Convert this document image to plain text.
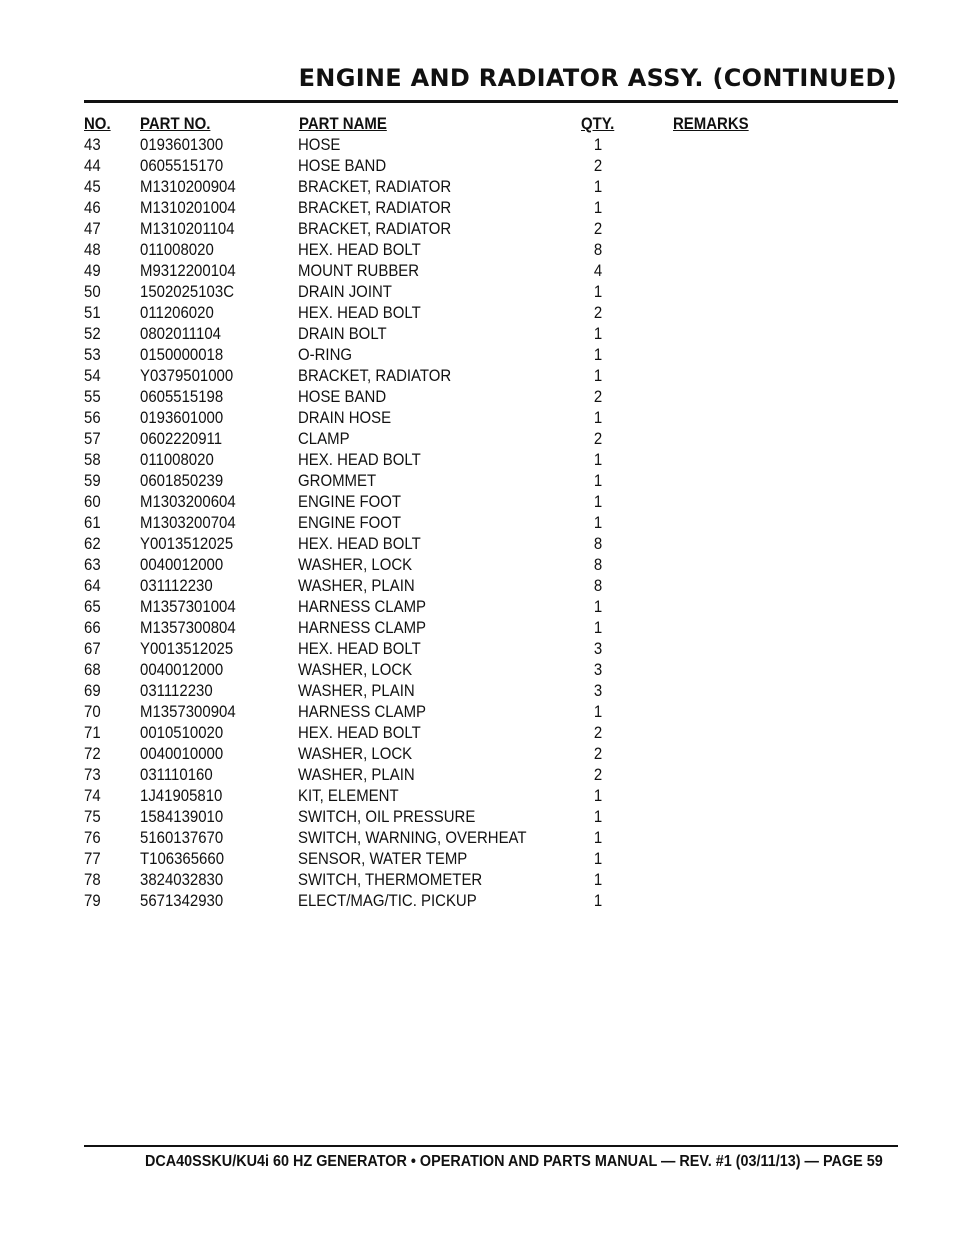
ENGINE AND RADIATOR ASSY. (CONTINUED)
NO. PART NO.	PART NAME	QTY.	REMARKS
43 0193601300	HOSE	1
44 0605515170	HOSE BAND	2
45 M1310200904	BRACKET, RADIATOR	1
46 M1310201004	BRACKET, RADIATOR	1
47 M1310201104	BRACKET, RADIATOR	2
48 011008020	HEX. HEAD BOLT	8
49 M9312200104	MOUNT RUBBER	4
50 1502025103C	DRAIN JOINT	1
51 011206020	HEX. HEAD BOLT	2
52 0802011104	DRAIN BOLT	1
53 0150000018	O-RING	1
54 Y0379501000	BRACKET, RADIATOR	1
55 0605515198	HOSE BAND	2
56 0193601000	DRAIN HOSE	1
57 0602220911	CLAMP	2
58 011008020	HEX. HEAD BOLT	1
59 0601850239	GROMMET	1
60 M1303200604	ENGINE FOOT	1
61 M1303200704	ENGINE FOOT	1
62 Y0013512025	HEX. HEAD BOLT	8
63 0040012000	WASHER, LOCK	8
64 031112230	WASHER, PLAIN	8
65 M1357301004	HARNESS CLAMP	1
66 M1357300804	HARNESS CLAMP	1
67 Y0013512025	HEX. HEAD BOLT	3
68 0040012000	WASHER, LOCK	3
69 031112230	WASHER, PLAIN	3
70 M1357300904	HARNESS CLAMP	1
71 0010510020	HEX. HEAD BOLT	2
72 0040010000	WASHER, LOCK	2
73 031110160	WASHER, PLAIN	2
74 1J41905810	KIT, ELEMENT	1
75 1584139010	SWITCH, OIL PRESSURE	1
76 5160137670	SWITCH, WARNING, OVERHEAT	1
77 T106365660	SENSOR, WATER TEMP	1
78 3824032830	SWITCH, THERMOMETER	1
79 5671342930	ELECT/MAG/TIC. PICKUP	1
DCA40SSKU/KU4i 60 HZ GENERATOR • OPERATION AND PARTS MANUAL — REV. #1 (03/11/13) — PAGE 59
